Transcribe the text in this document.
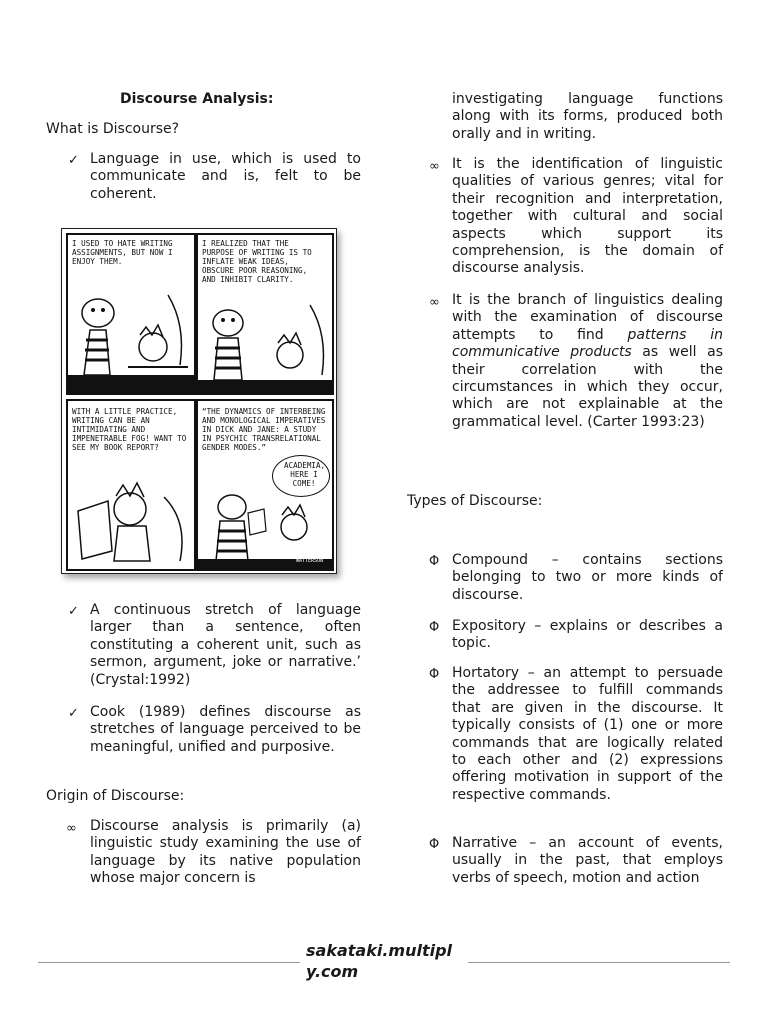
Discourse Analysis:

What is Discourse?

✓ Language in use, which is used to communicate and is, felt to be coherent.

I USED TO HATE WRITING ASSIGNMENTS, BUT NOW I ENJOY THEM.
I REALIZED THAT THE PURPOSE OF WRITING IS TO INFLATE WEAK IDEAS, OBSCURE POOR REASONING, AND INHIBIT CLARITY.
WITH A LITTLE PRACTICE, WRITING CAN BE AN INTIMIDATING AND IMPENETRABLE FOG! WANT TO SEE MY BOOK REPORT?
“THE DYNAMICS OF INTERBEING AND MONOLOGICAL IMPERATIVES IN DICK AND JANE: A STUDY IN PSYCHIC TRANSRELATIONAL GENDER MODES.”
ACADEMIA, HERE I COME!
WATTERSON
✓ A continuous stretch of language larger than a sentence, often constituting a coherent unit, such as sermon, argument, joke or narrative.’ (Crystal:1992)

✓ Cook (1989) defines discourse as stretches of language perceived to be meaningful, unified and purposive.

Origin of Discourse:

∞ Discourse analysis is primarily (a) linguistic study examining the use of language by its native population whose major concern is

investigating language functions along with its forms, produced both orally and in writing.

∞ It is the identification of linguistic qualities of various genres; vital for their recognition and interpretation, together with cultural and social aspects which support its comprehension, is the domain of discourse analysis.

∞ It is the branch of linguistics dealing with the examination of discourse attempts to find patterns in communicative products as well as their correlation with the circumstances in which they occur, which are not explainable at the grammatical level. (Carter 1993:23)

Types of Discourse:

Φ Compound – contains sections belonging to two or more kinds of discourse.

Φ Expository – explains or describes a topic.

Φ Hortatory – an attempt to persuade the addressee to fulfill commands that are given in the discourse. It typically consists of (1) one or more commands that are logically related to each other and (2) expressions offering motivation in support of the respective commands.

Φ Narrative – an account of events, usually in the past, that employs verbs of speech, motion and action

sakataki.multiply.com
